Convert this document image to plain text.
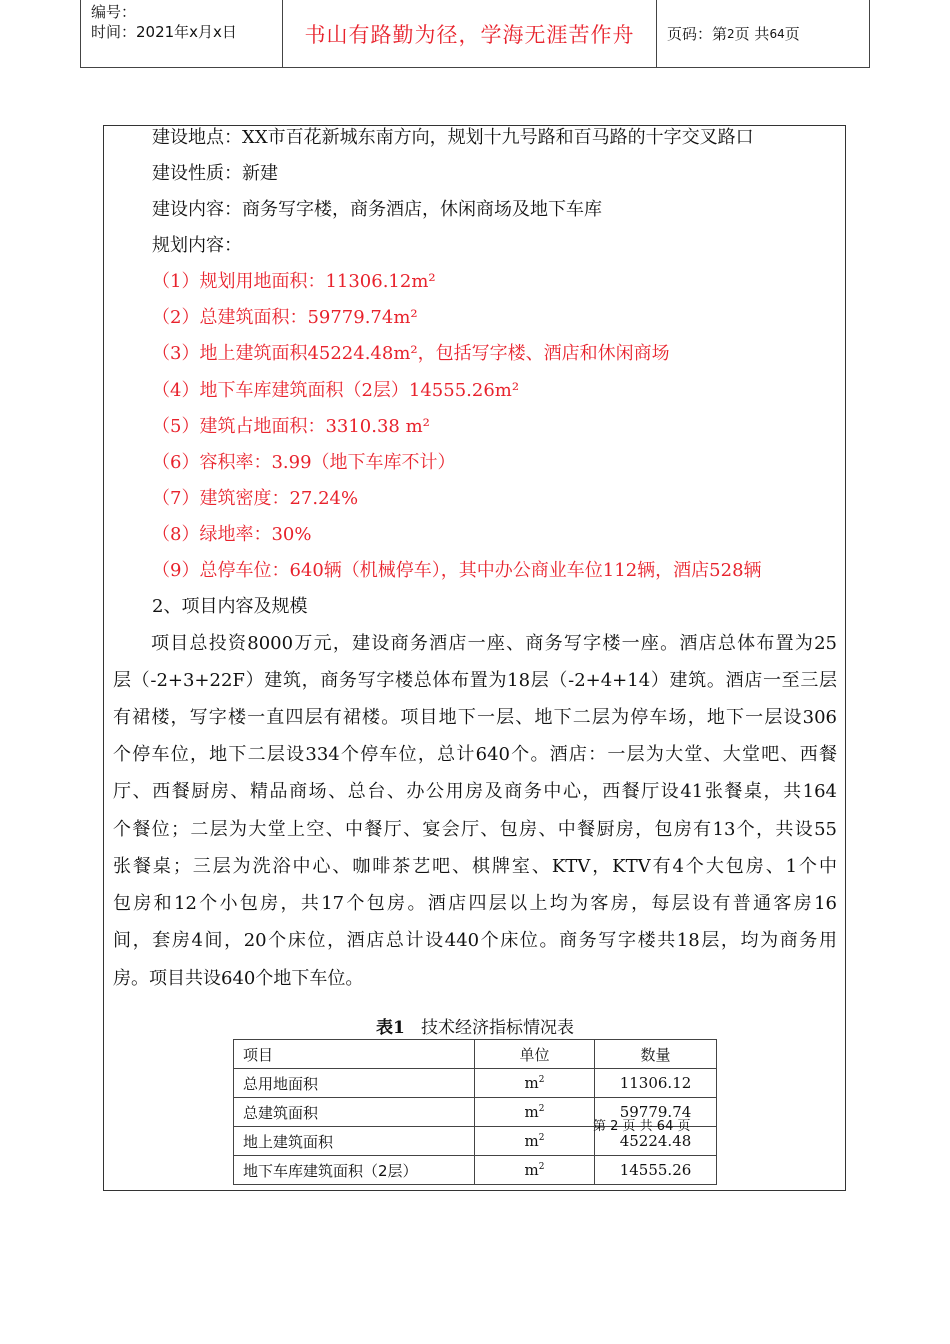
编号：
时间：2021年x月x日	书山有路勤为径，学海无涯苦作舟	页码：第 2 页 共 64 页
建设地点：XX市百花新城东南方向，规划十九号路和百马路的十字交叉路口
建设性质：新建
建设内容：商务写字楼，商务酒店，休闲商场及地下车库
规划内容：
（1）规划用地面积：11306.12m²
（2）总建筑面积：59779.74m²
（3）地上建筑面积45224.48m²，包括写字楼、酒店和休闲商场
（4）地下车库建筑面积（2层）14555.26m²
（5）建筑占地面积：3310.38 m²
（6）容积率：3.99（地下车库不计）
（7）建筑密度：27.24%
（8）绿地率：30%
（9）总停车位：640辆（机械停车），其中办公商业车位112辆，酒店528辆
2、项目内容及规模
项目总投资8000万元，建设商务酒店一座、商务写字楼一座。酒店总体布置为25
层（-2+3+22F）建筑，商务写字楼总体布置为18层（-2+4+14）建筑。酒店一至三层
有裙楼，写字楼一直四层有裙楼。项目地下一层、地下二层为停车场，地下一层设306
个停车位，地下二层设334个停车位，总计640个。酒店：一层为大堂、大堂吧、西餐
厅、西餐厨房、精品商场、总台、办公用房及商务中心，西餐厅设41张餐桌，共164
个餐位；二层为大堂上空、中餐厅、宴会厅、包房、中餐厨房，包房有13个，共设55
张餐桌；三层为洗浴中心、咖啡茶艺吧、棋牌室、KTV，KTV有4个大包房、1个中
包房和12个小包房，共17个包房。酒店四层以上均为客房，每层设有普通客房16
间，套房4间，20个床位，酒店总计设440个床位。商务写字楼共18层，均为商务用
房。项目共设640个地下车位。
表1 技术经济指标情况表
项目	单位	数量
总用地面积	$m^2$	11306.12
总建筑面积	$m^2$	59779.74
地上建筑面积	$m^2$	45224.48
地下车库建筑面积（2层）	$m^2$	14555.26
第 2 页 共 64 页
